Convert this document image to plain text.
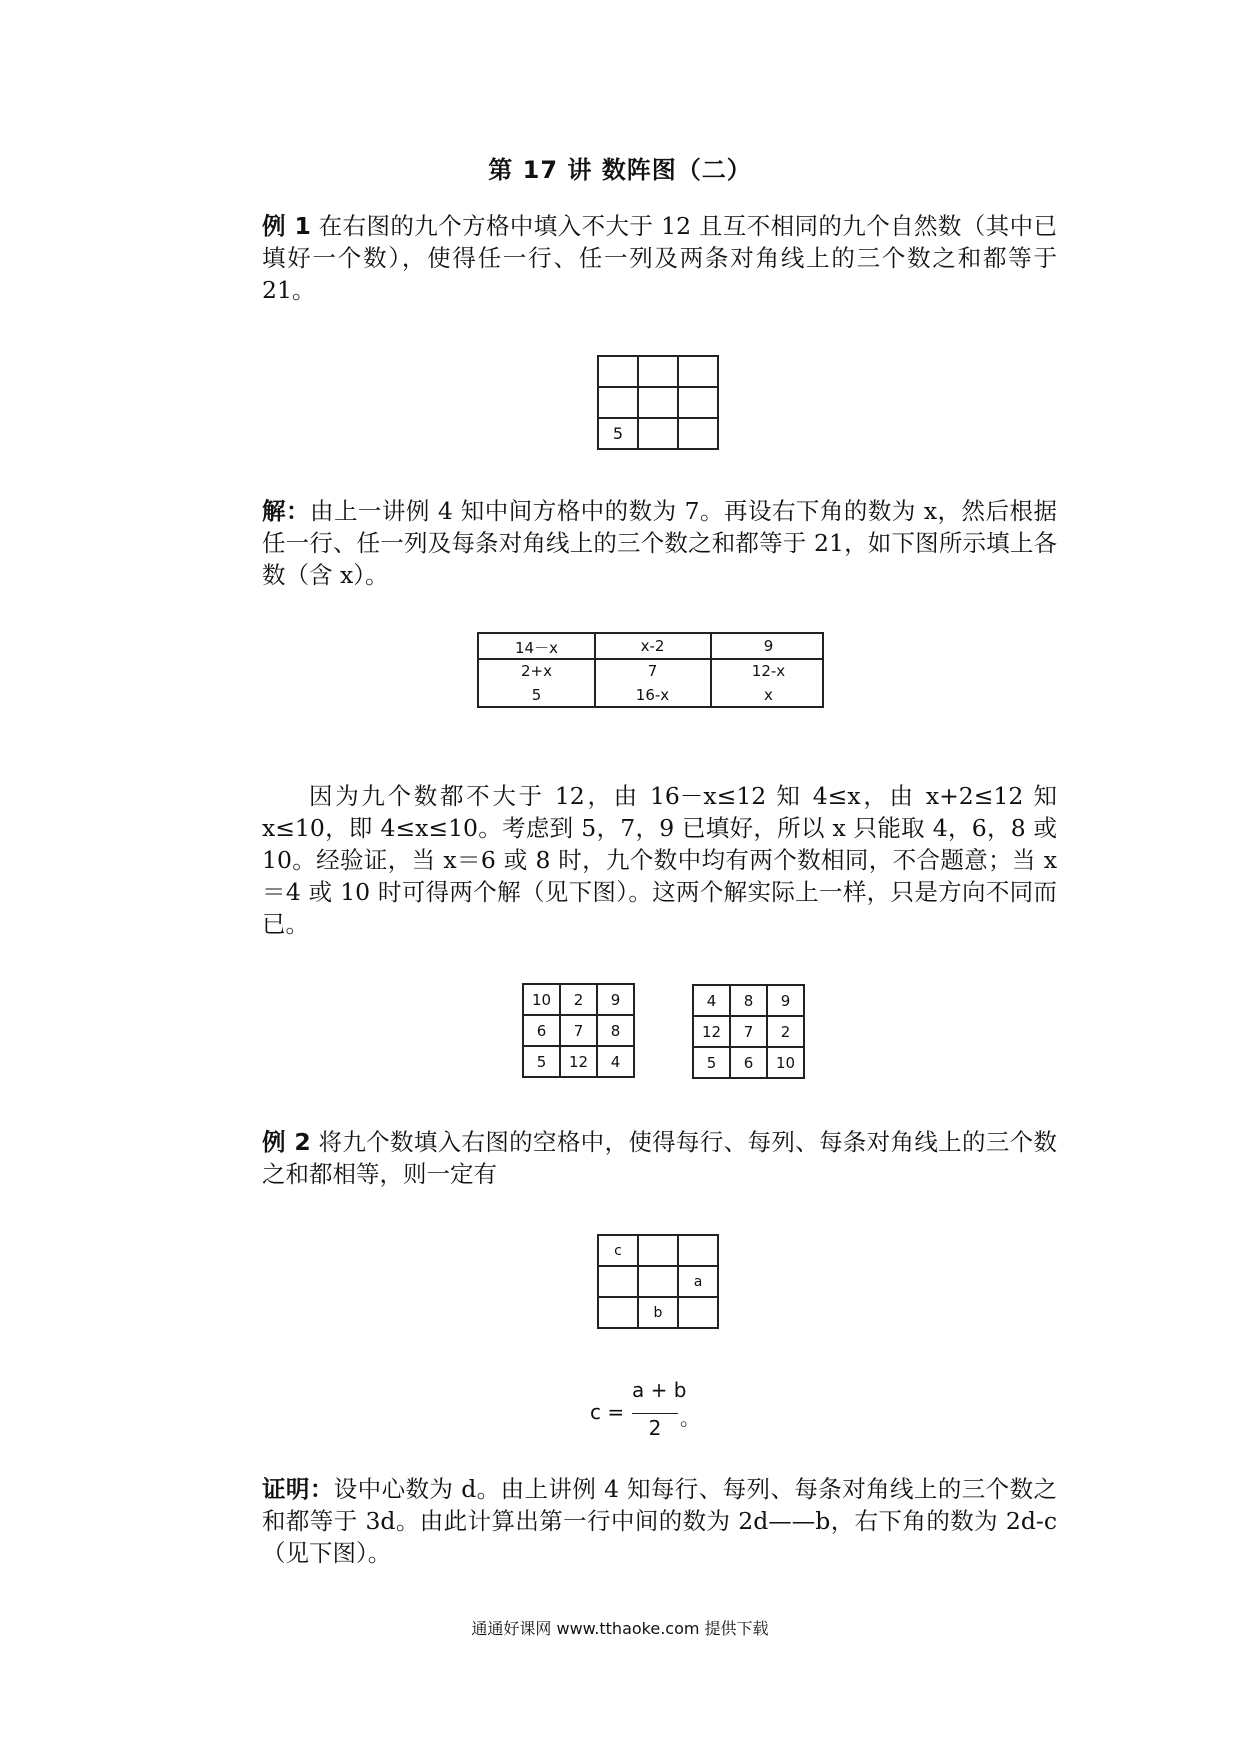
第 17 讲 数阵图（二）
例 1 在右图的九个方格中填入不大于 12 且互不相同的九个自然数（其中已填好一个数），使得任一行、任一列及两条对角线上的三个数之和都等于 21。

5		
解：由上一讲例 4 知中间方格中的数为 7。再设右下角的数为 x，然后根据任一行、任一列及每条对角线上的三个数之和都等于 21，如下图所示填上各数（含 x）。
14－x	x-2	9
2+x	7	12-x
5	16-x	x
因为九个数都不大于 12，由 16－x≤12 知 4≤x，由 x+2≤12 知 x≤10，即 4≤x≤10。考虑到 5，7，9 已填好，所以 x 只能取 4，6，8 或 10。经验证，当 x＝6 或 8 时，九个数中均有两个数相同，不合题意；当 x＝4 或 10 时可得两个解（见下图）。这两个解实际上一样，只是方向不同而已。
10	2	9
6	7	8
5	12	4
4	8	9
12	7	2
5	6	10
例 2 将九个数填入右图的空格中，使得每行、每列、每条对角线上的三个数之和都相等，则一定有
c		
		a
	b	
c =
a + b
2 。
证明：设中心数为 d。由上讲例 4 知每行、每列、每条对角线上的三个数之和都等于 3d。由此计算出第一行中间的数为 2d——b，右下角的数为 2d-c（见下图）。
通通好课网 www.tthaoke.com 提供下载
